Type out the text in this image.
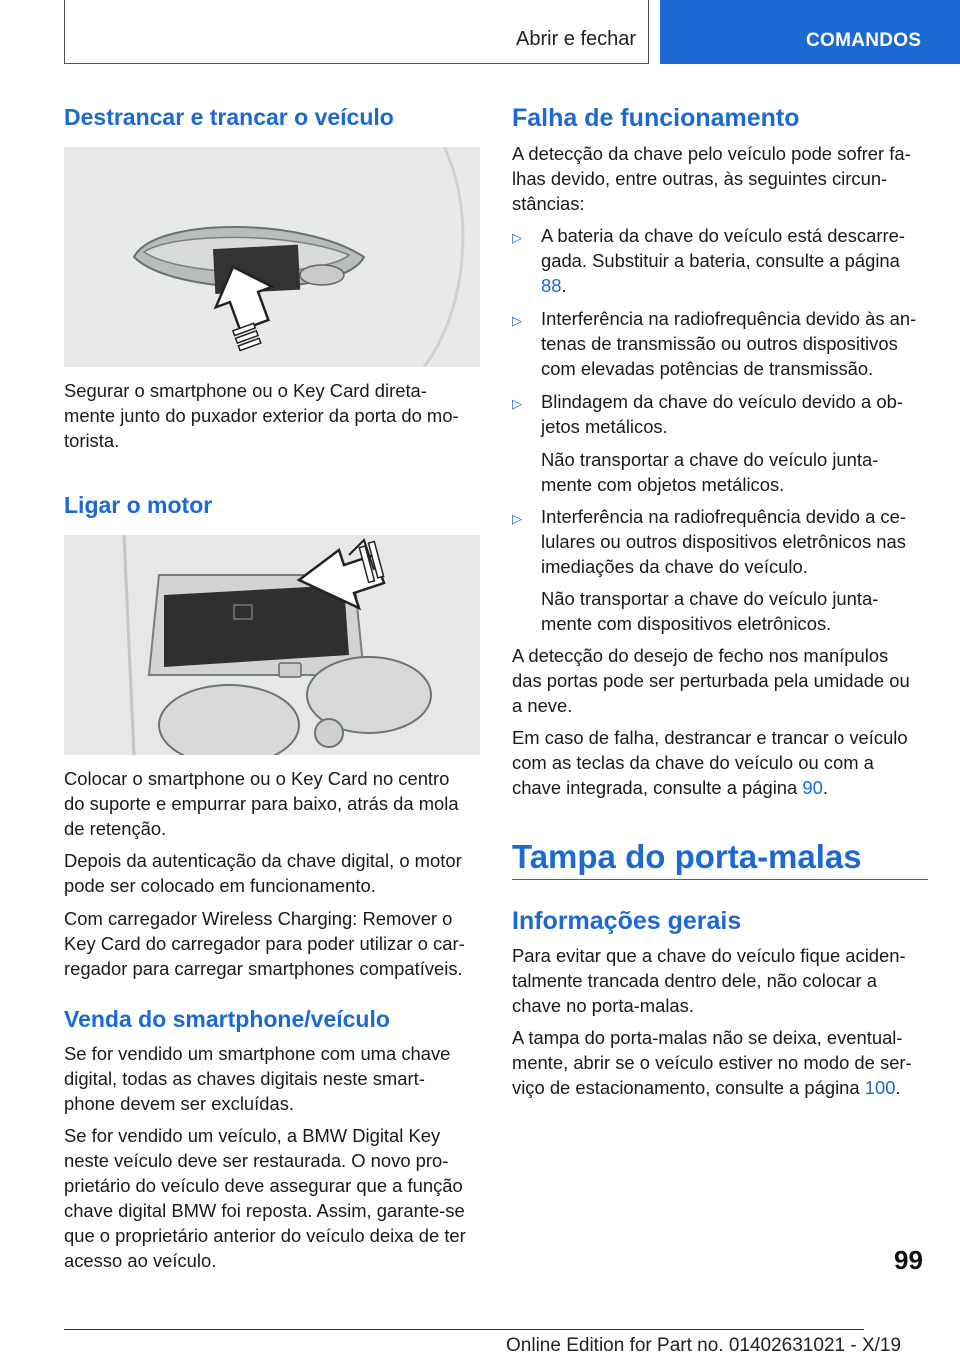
Abrir e fechar	COMANDOS
Destrancar e trancar o veículo

Segurar o smartphone ou o Key Card direta-
mente junto do puxador exterior da porta do mo-
torista.

Ligar o motor

Colocar o smartphone ou o Key Card no centro
do suporte e empurrar para baixo, atrás da mola
de retenção.

Depois da autenticação da chave digital, o motor
pode ser colocado em funcionamento.

Com carregador Wireless Charging: Remover o
Key Card do carregador para poder utilizar o car-
regador para carregar smartphones compatíveis.

Venda do smartphone/veículo

Se for vendido um smartphone com uma chave
digital, todas as chaves digitais neste smart-
phone devem ser excluídas.

Se for vendido um veículo, a BMW Digital Key
neste veículo deve ser restaurada. O novo pro-
prietário do veículo deve assegurar que a função
chave digital BMW foi reposta. Assim, garante-se
que o proprietário anterior do veículo deixa de ter
acesso ao veículo.

Falha de funcionamento

A detecção da chave pelo veículo pode sofrer fa-
lhas devido, entre outras, às seguintes circun-
stâncias:

▷	A bateria da chave do veículo está descarre-
gada. Substituir a bateria, consulte a página
88.

▷	Interferência na radiofrequência devido às an-
tenas de transmissão ou outros dispositivos
com elevadas potências de transmissão.

▷	Blindagem da chave do veículo devido a ob-
jetos metálicos.

Não transportar a chave do veículo junta-
mente com objetos metálicos.

▷	Interferência na radiofrequência devido a ce-
lulares ou outros dispositivos eletrônicos nas
imediações da chave do veículo.

Não transportar a chave do veículo junta-
mente com dispositivos eletrônicos.

A detecção do desejo de fecho nos manípulos
das portas pode ser perturbada pela umidade ou
a neve.

Em caso de falha, destrancar e trancar o veículo
com as teclas da chave do veículo ou com a
chave integrada, consulte a página 90.

Tampa do porta-malas
Informações gerais

Para evitar que a chave do veículo fique aciden-
talmente trancada dentro dele, não colocar a
chave no porta-malas.

A tampa do porta-malas não se deixa, eventual-
mente, abrir se o veículo estiver no modo de ser-
viço de estacionamento, consulte a página 100.

99
Online Edition for Part no. 01402631021 - X/19
